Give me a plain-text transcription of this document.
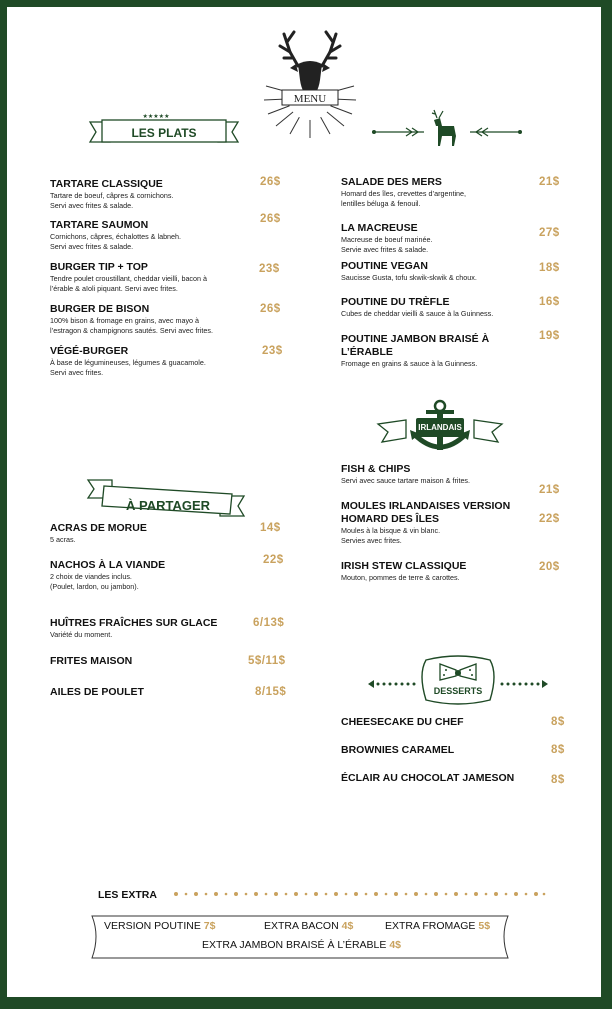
MENU
★★★★★
LES PLATS
TARTARE CLASSIQUE
Tartare de boeuf, câpres & cornichons.
Servi avec frites & salade.
26$
TARTARE SAUMON
Cornichons, câpres, échalottes & labneh.
Servi avec frites & salade.
26$
BURGER TIP + TOP
Tendre poulet croustillant, cheddar vieilli, bacon à
l’érable & aïoli piquant. Servi avec frites.
23$
BURGER DE BISON
100% bison & fromage en grains, avec mayo à
l’estragon & champignons sautés. Servi avec frites.
26$
VÉGÉ-BURGER
À base de légumineuses, légumes & guacamole.
Servi avec frites.
23$
SALADE DES MERS
Homard des îles, crevettes d’argentine,
lentilles béluga & fenouil.
21$
LA MACREUSE
Macreuse de boeuf marinée.
Servie avec frites & salade.
27$
POUTINE VEGAN
Saucisse Gusta, tofu skwik-skwik & choux.
18$
POUTINE DU TRÈFLE
Cubes de cheddar vieilli & sauce à la Guinness.
16$
POUTINE JAMBON BRAISÉ À
L’ÉRABLE
Fromage en grains & sauce à la Guinness.
19$
IRLANDAIS
FISH & CHIPS
Servi avec sauce tartare maison & frites.
21$
MOULES IRLANDAISES VERSION
HOMARD DES ÎLES
Moules à la bisque & vin blanc.
Servies avec frites.
22$
IRISH STEW CLASSIQUE
Mouton, pommes de terre & carottes.
20$
À PARTAGER
ACRAS DE MORUE
5 acras.
14$
NACHOS À LA VIANDE
2 choix de viandes inclus.
(Poulet, lardon, ou jambon).
22$
HUÎTRES FRAÎCHES SUR GLACE
Variété du moment.
6/13$
FRITES MAISON	5$/11$
AILES DE POULET	8/15$	DESSERTS
CHEESECAKE DU CHEF	8$
BROWNIES CARAMEL	8$
ÉCLAIR AU CHOCOLAT JAMESON	8$
LES EXTRA
VERSION POUTINE 7$	EXTRA BACON 4$	EXTRA FROMAGE 5$
EXTRA JAMBON BRAISÉ À L’ÉRABLE 4$
